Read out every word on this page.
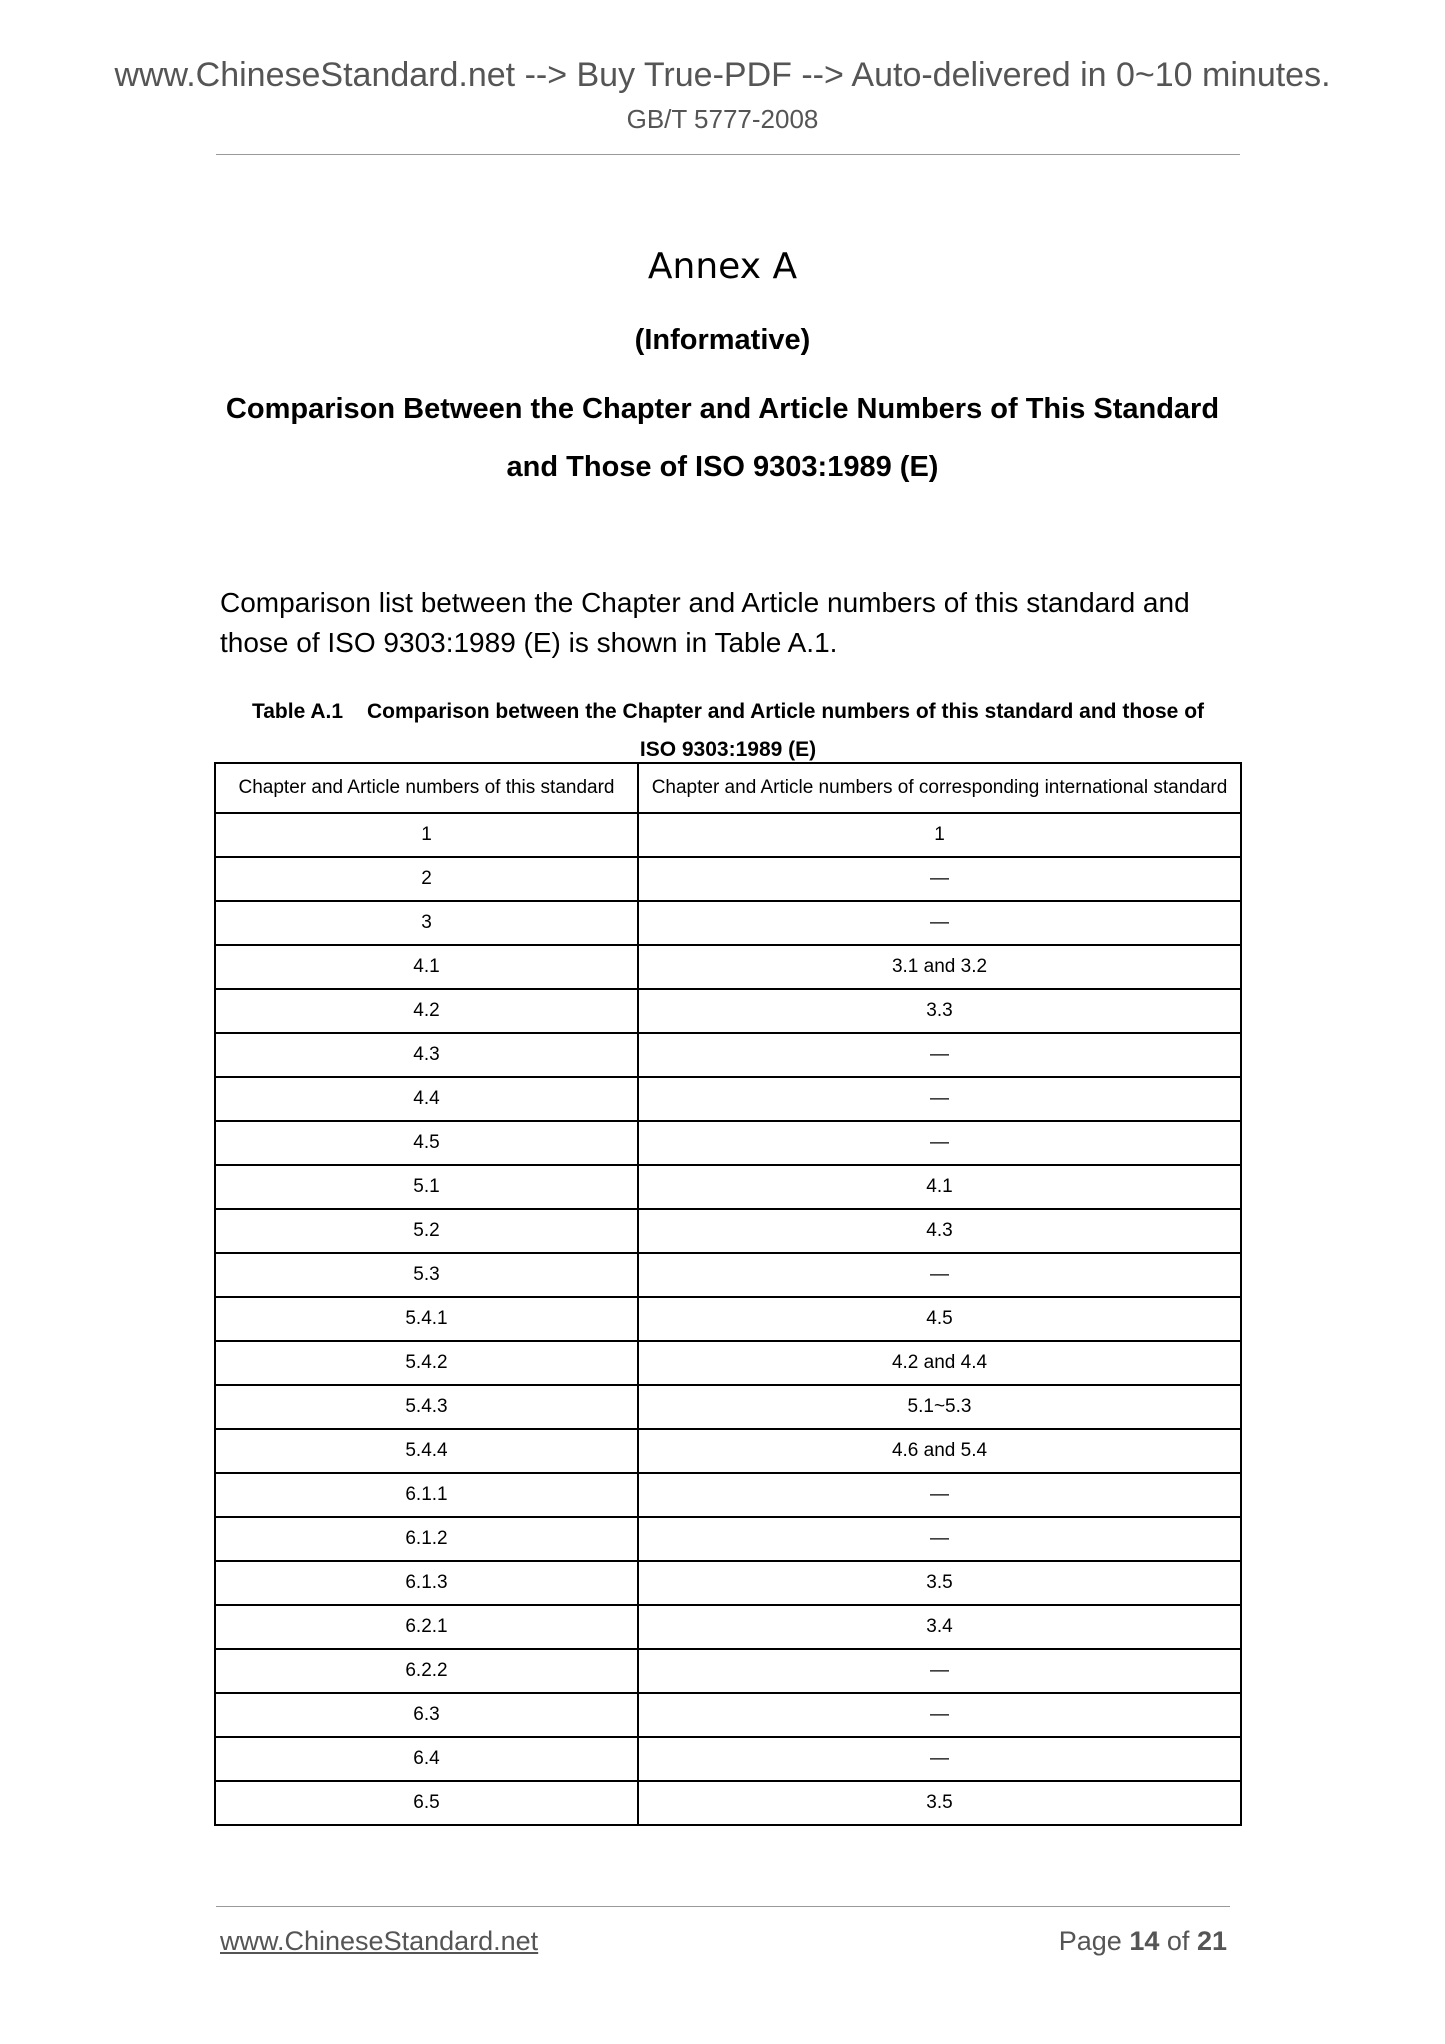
www.ChineseStandard.net --> Buy True-PDF --> Auto-delivered in 0~10 minutes.
GB/T 5777-2008
Annex A
(Informative)
Comparison Between the Chapter and Article Numbers of This Standard
and Those of ISO 9303:1989 (E)
Comparison list between the Chapter and Article numbers of this standard and those of ISO 9303:1989 (E) is shown in Table A.1.
Table A.1 Comparison between the Chapter and Article numbers of this standard and those of
ISO 9303:1989 (E)
Chapter and Article numbers of this standard	Chapter and Article numbers of corresponding international standard
1	1
2	—
3	—
4.1	3.1 and 3.2
4.2	3.3
4.3	—
4.4	—
4.5	—
5.1	4.1
5.2	4.3
5.3	—
5.4.1	4.5
5.4.2	4.2 and 4.4
5.4.3	5.1~5.3
5.4.4	4.6 and 5.4
6.1.1	—
6.1.2	—
6.1.3	3.5
6.2.1	3.4
6.2.2	—
6.3	—
6.4	—
6.5	3.5
www.ChineseStandard.net	Page 14 of 21
